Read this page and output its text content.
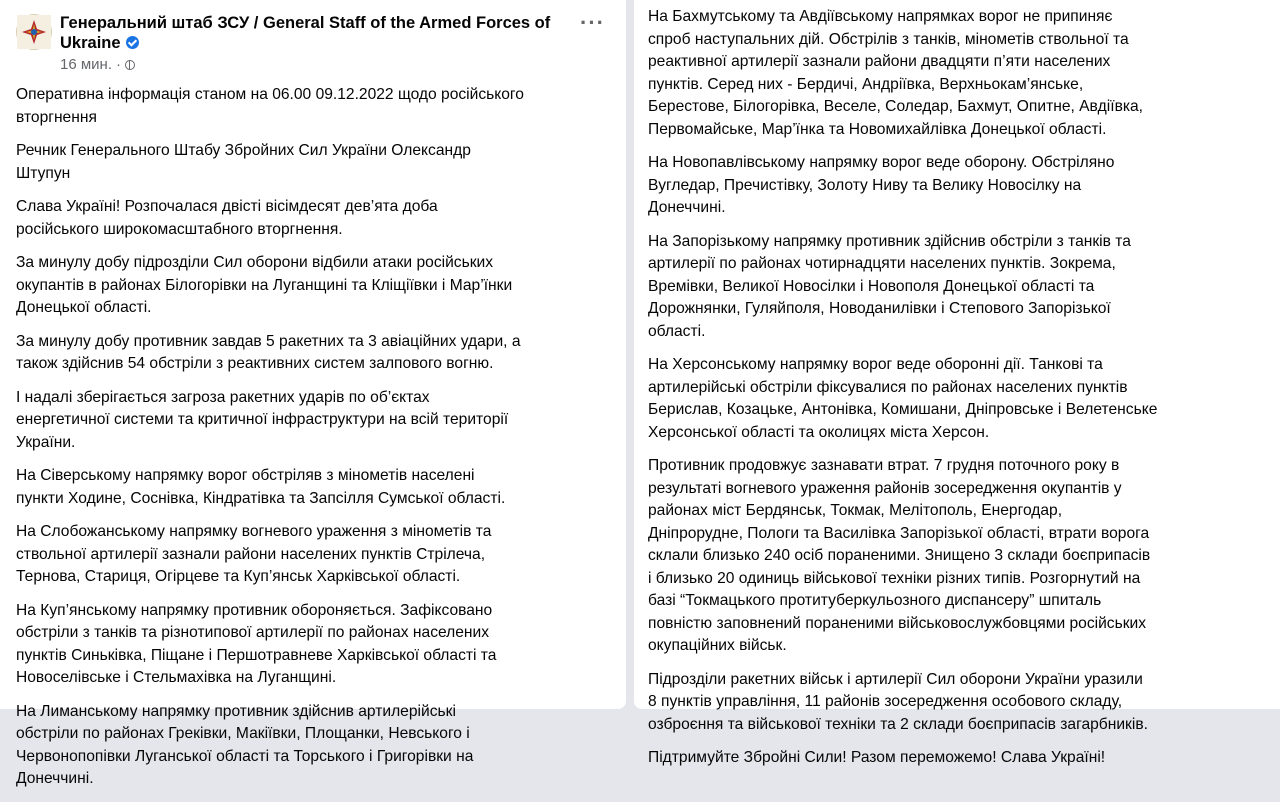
Генеральний штаб ЗСУ / General Staff of the Armed Forces of Ukraine
16 мин. ·
···

Оперативна інформація станом на 06.00 09.12.2022 щодо російського
вторгнення

Речник Генерального Штабу Збройних Сил України Олександр
Штупун

Слава Україні! Розпочалася двісті вісімдесят дев’ята доба
російського широкомасштабного вторгнення.

За минулу добу підрозділи Сил оборони відбили атаки російських
окупантів в районах Білогорівки на Луганщині та Кліщіївки і Мар’їнки
Донецької області.

За минулу добу противник завдав 5 ракетних та 3 авіаційних удари, а
також здійснив 54 обстріли з реактивних систем залпового вогню.

І надалі зберігається загроза ракетних ударів по об’єктах
енергетичної системи та критичної інфраструктури на всій території
України.

На Сіверському напрямку ворог обстріляв з мінометів населені
пункти Ходине, Соснівка, Кіндратівка та Запсілля Сумської області.

На Слобожанському напрямку вогневого ураження з мінометів та
ствольної артилерії зазнали райони населених пунктів Стрілеча,
Тернова, Стариця, Огірцеве та Куп’янськ Харківської області.

На Куп’янському напрямку противник обороняється. Зафіксовано
обстріли з танків та різнотипової артилерії по районах населених
пунктів Синьківка, Піщане і Першотравневе Харківської області та
Новоселівське і Стельмахівка на Луганщині.

На Лиманському напрямку противник здійснив артилерійські
обстріли по районах Греківки, Макіївки, Площанки, Невського і
Червонопопівки Луганської області та Торського і Григорівки на
Донеччині.

На Бахмутському та Авдіївському напрямках ворог не припиняє
спроб наступальних дій. Обстрілів з танків, мінометів ствольної та
реактивної артилерії зазнали райони двадцяти п’яти населених
пунктів. Серед них - Бердичі, Андріївка, Верхньокам’янське,
Берестове, Білогорівка, Веселе, Соледар, Бахмут, Опитне, Авдіївка,
Первомайське, Мар’їнка та Новомихайлівка Донецької області.

На Новопавлівському напрямку ворог веде оборону. Обстріляно
Вугледар, Пречистівку, Золоту Ниву та Велику Новосілку на
Донеччині.

На Запорізькому напрямку противник здійснив обстріли з танків та
артилерії по районах чотирнадцяти населених пунктів. Зокрема,
Времівки, Великої Новосілки і Новополя Донецької області та
Дорожнянки, Гуляйполя, Новоданилівки і Степового Запорізької
області.

На Херсонському напрямку ворог веде оборонні дії. Танкові та
артилерійські обстріли фіксувалися по районах населених пунктів
Берислав, Козацьке, Антонівка, Комишани, Дніпровське і Велетенське
Херсонської області та околицях міста Херсон.

Противник продовжує зазнавати втрат. 7 грудня поточного року в
результаті вогневого ураження районів зосередження окупантів у
районах міст Бердянськ, Токмак, Мелітополь, Енергодар,
Дніпрорудне, Пологи та Василівка Запорізької області, втрати ворога
склали близько 240 осіб пораненими. Знищено 3 склади боєприпасів
і близько 20 одиниць військової техніки різних типів. Розгорнутий на
базі “Токмацького протитуберкульозного диспансеру” шпиталь
повністю заповнений пораненими військовослужбовцями російських
окупаційних військ.

Підрозділи ракетних військ і артилерії Сил оборони України уразили
8 пунктів управління, 11 районів зосередження особового складу,
озброєння та військової техніки та 2 склади боєприпасів загарбників.

Підтримуйте Збройні Сили! Разом переможемо! Слава Україні!
